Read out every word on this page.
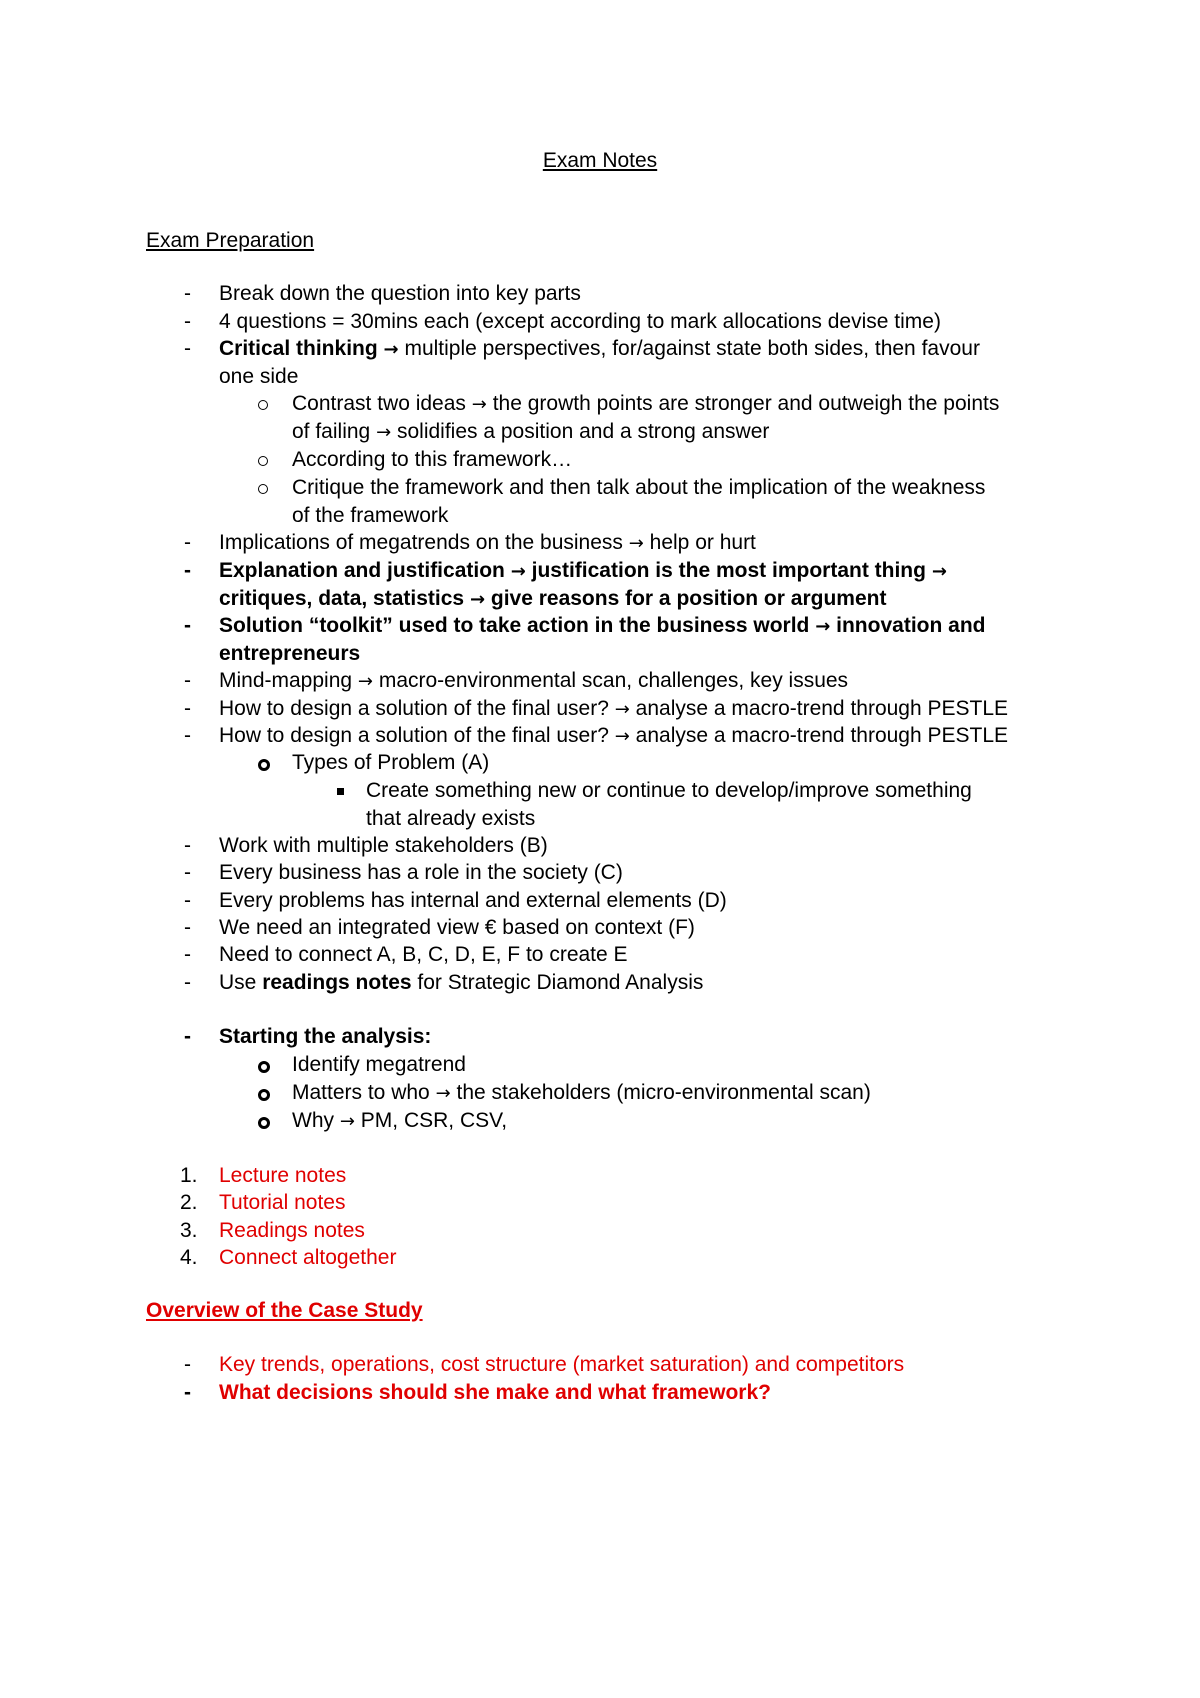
Exam Notes
Exam Preparation
- Break down the question into key parts
- 4 questions = 30mins each (except according to mark allocations devise time)
- Critical thinking → multiple perspectives, for/against state both sides, then favour
one side
Contrast two ideas → the growth points are stronger and outweigh the points
of failing → solidifies a position and a strong answer
According to this framework…
Critique the framework and then talk about the implication of the weakness
of the framework
- Implications of megatrends on the business → help or hurt
- Explanation and justification → justification is the most important thing →
critiques, data, statistics → give reasons for a position or argument
- Solution “toolkit” used to take action in the business world → innovation and
entrepreneurs
- Mind-mapping → macro-environmental scan, challenges, key issues
- How to design a solution of the final user? → analyse a macro-trend through PESTLE
- How to design a solution of the final user? → analyse a macro-trend through PESTLE
Types of Problem (A)
Create something new or continue to develop/improve something
that already exists
- Work with multiple stakeholders (B)
- Every business has a role in the society (C)
- Every problems has internal and external elements (D)
- We need an integrated view € based on context (F)
- Need to connect A, B, C, D, E, F to create E
- Use readings notes for Strategic Diamond Analysis
- Starting the analysis:
Identify megatrend
Matters to who → the stakeholders (micro-environmental scan)
Why → PM, CSR, CSV,
1. Lecture notes
2. Tutorial notes
3. Readings notes
4. Connect altogether
Overview of the Case Study
- Key trends, operations, cost structure (market saturation) and competitors
- What decisions should she make and what framework?
